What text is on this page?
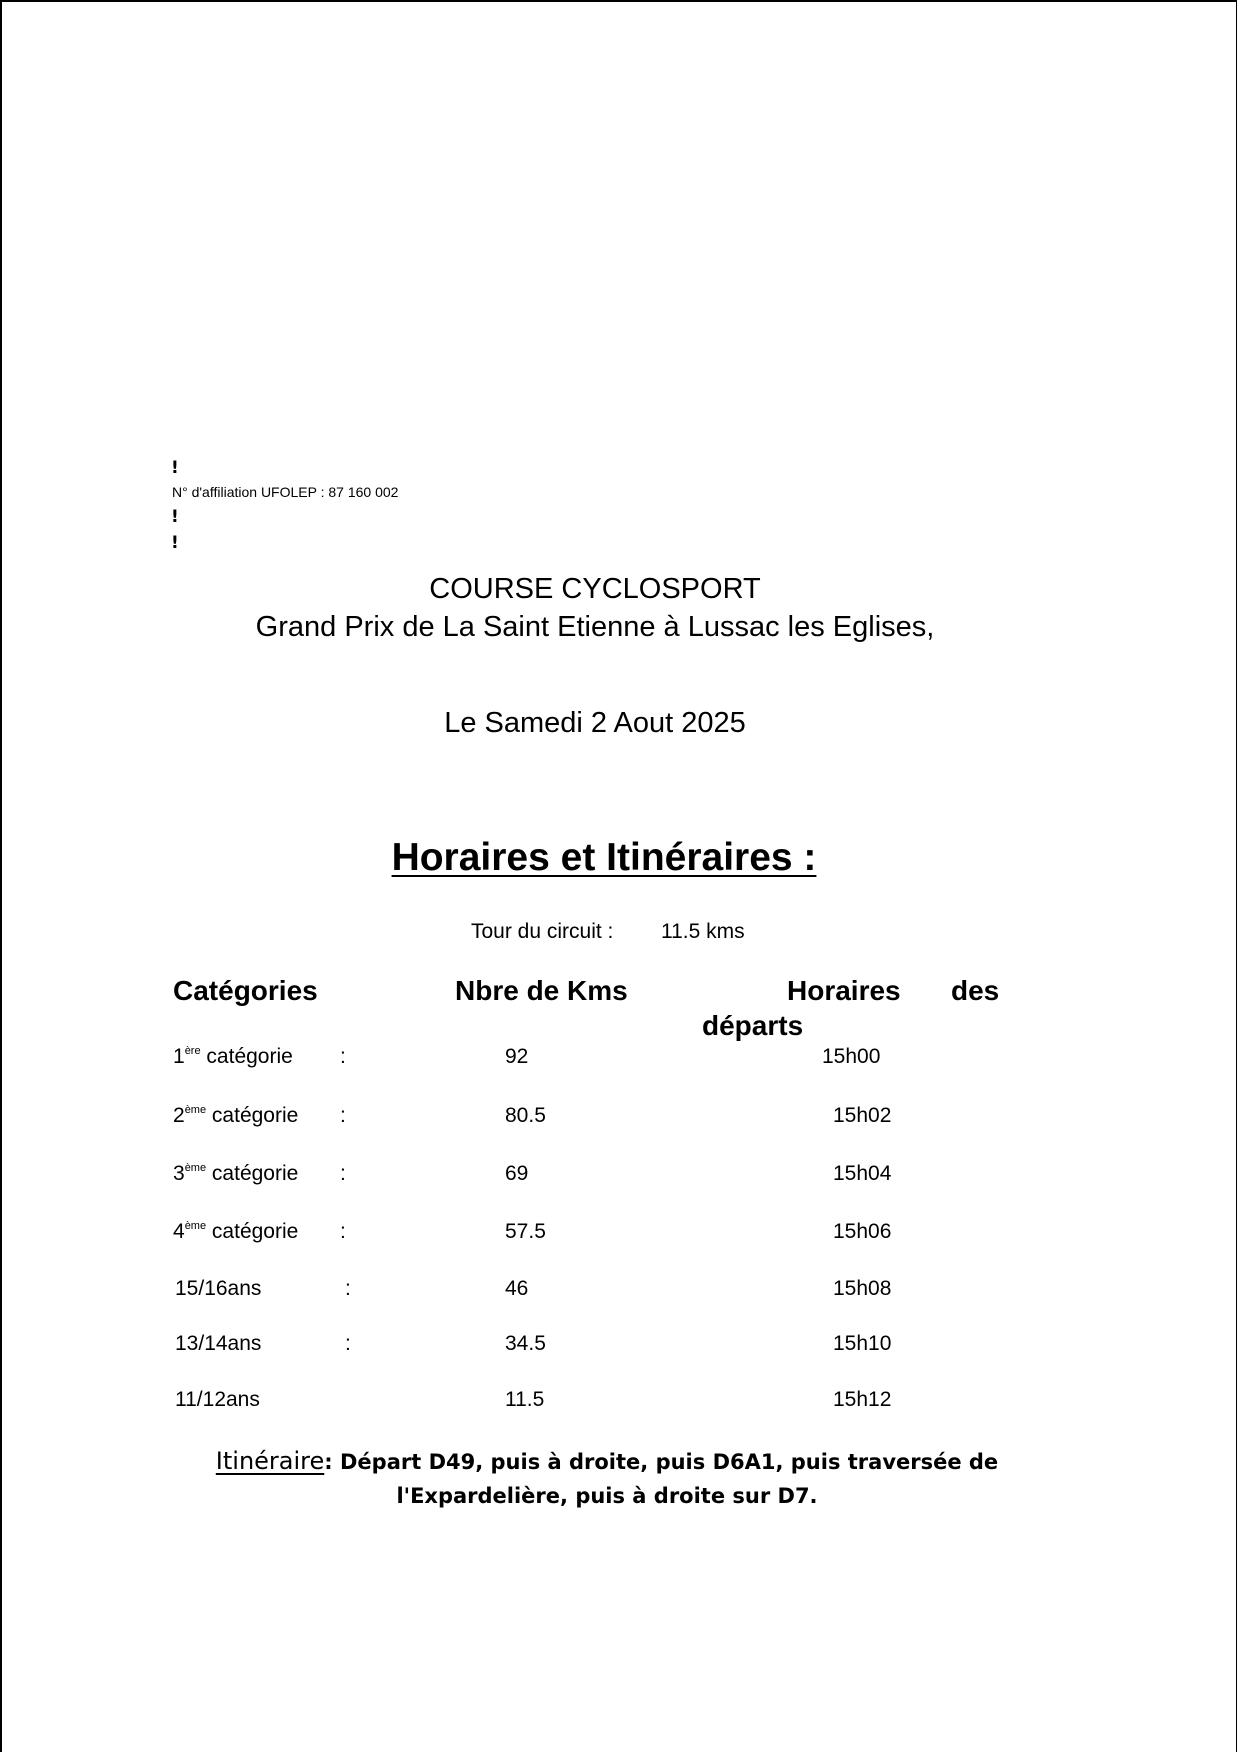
!
N° d'affiliation UFOLEP : 87 160 002
!
!
COURSE CYCLOSPORT
Grand Prix de La Saint Etienne à Lussac les Eglises,
Le Samedi 2 Aout 2025
Horaires et Itinéraires :
Tour du circuit : 11.5 kms
Catégories	Nbre de Kms	Horaires des
départs
1ère catégorie :	92	15h00
2ème catégorie :	80.5	15h02
3ème catégorie :	69	15h04
4ème catégorie :	57.5	15h06
15/16ans	:	46	15h08
13/14ans	:	34.5	15h10
11/12ans	11.5	15h12
Itinéraire: Départ D49, puis à droite, puis D6A1, puis traversée de
l'Expardelière, puis à droite sur D7.
